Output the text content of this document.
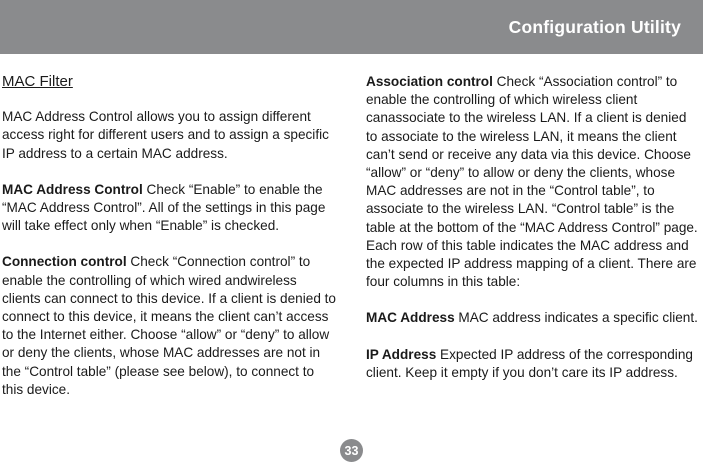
Configuration Utility
MAC Filter

MAC Address Control allows you to assign different access right for different users and to assign a specific IP address to a certain MAC address.

MAC Address Control Check “Enable” to enable the “MAC Address Control”. All of the settings in this page will take effect only when “Enable” is checked.

Connection control Check “Connection control” to enable the controlling of which wired andwireless clients can connect to this device. If a client is denied to connect to this device, it means the client can’t access to the Internet either. Choose “allow” or “deny” to allow or deny the clients, whose MAC addresses are not in the “Control table” (please see below), to connect to this device.

Association control Check “Association control” to enable the controlling of which wireless client canassociate to the wireless LAN. If a client is denied to associate to the wireless LAN, it means the client can’t send or receive any data via this device. Choose “allow” or “deny” to allow or deny the clients, whose MAC addresses are not in the “Control table”, to associate to the wireless LAN. “Control table” is the table at the bottom of the “MAC Address Control” page. Each row of this table indicates the MAC address and the expected IP address mapping of a client. There are four columns in this table:

MAC Address MAC address indicates a specific client.

IP Address Expected IP address of the corresponding client. Keep it empty if you don’t care its IP address.

33
